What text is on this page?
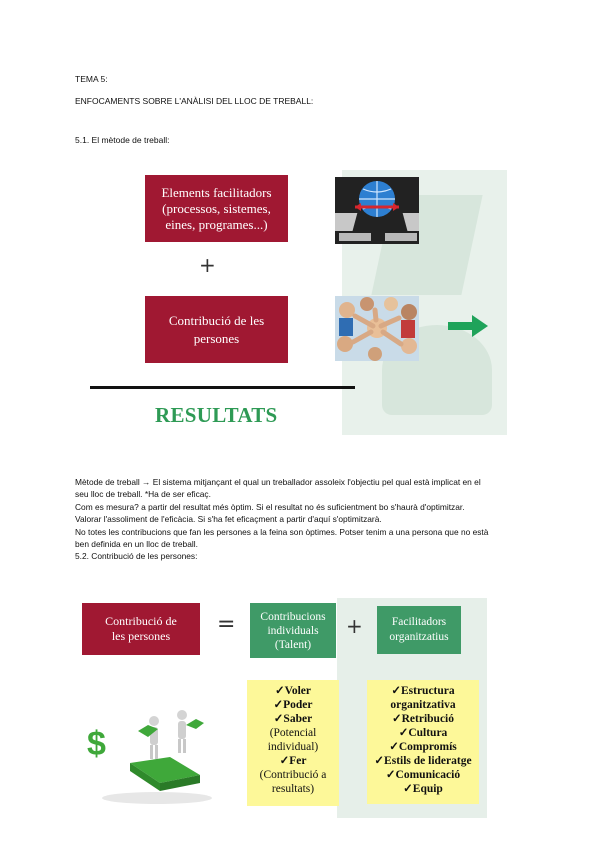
TEMA 5:
ENFOCAMENTS SOBRE L'ANÀLISI DEL LLOC DE TREBALL:
5.1. El mètode de treball:
Elements facilitadors
(processos, sistemes,
eines, programes...)
+
Contribució de les
persones
RESULTATS
Mètode de treball → El sistema mitjançant el qual un treballador assoleix l'objectiu pel qual està implicat en el
seu lloc de treball. *Ha de ser eficaç.
Com es mesura? a partir del resultat més òptim. Si el resultat no és suficientment bo s'haurà d'optimitzar.
Valorar l'assoliment de l'eficàcia. Si s'ha fet eficaçment a partir d'aquí s'optimitzarà.
No totes les contribucions que fan les persones a la feina son òptimes. Potser tenim a una persona que no està
ben definida en un lloc de treball.
5.2. Contribució de les persones:
Contribució de
les persones = Contribucions
individuals
(Talent)
+	Facilitadors
organitzatius
$
✓Voler
✓Poder
✓Saber
(Potencial
individual)
✓Fer
(Contribució a
resultats)
✓Estructura
organitzativa
✓Retribució
✓Cultura
✓Compromís
✓Estils de lideratge
✓Comunicació
✓Equip
